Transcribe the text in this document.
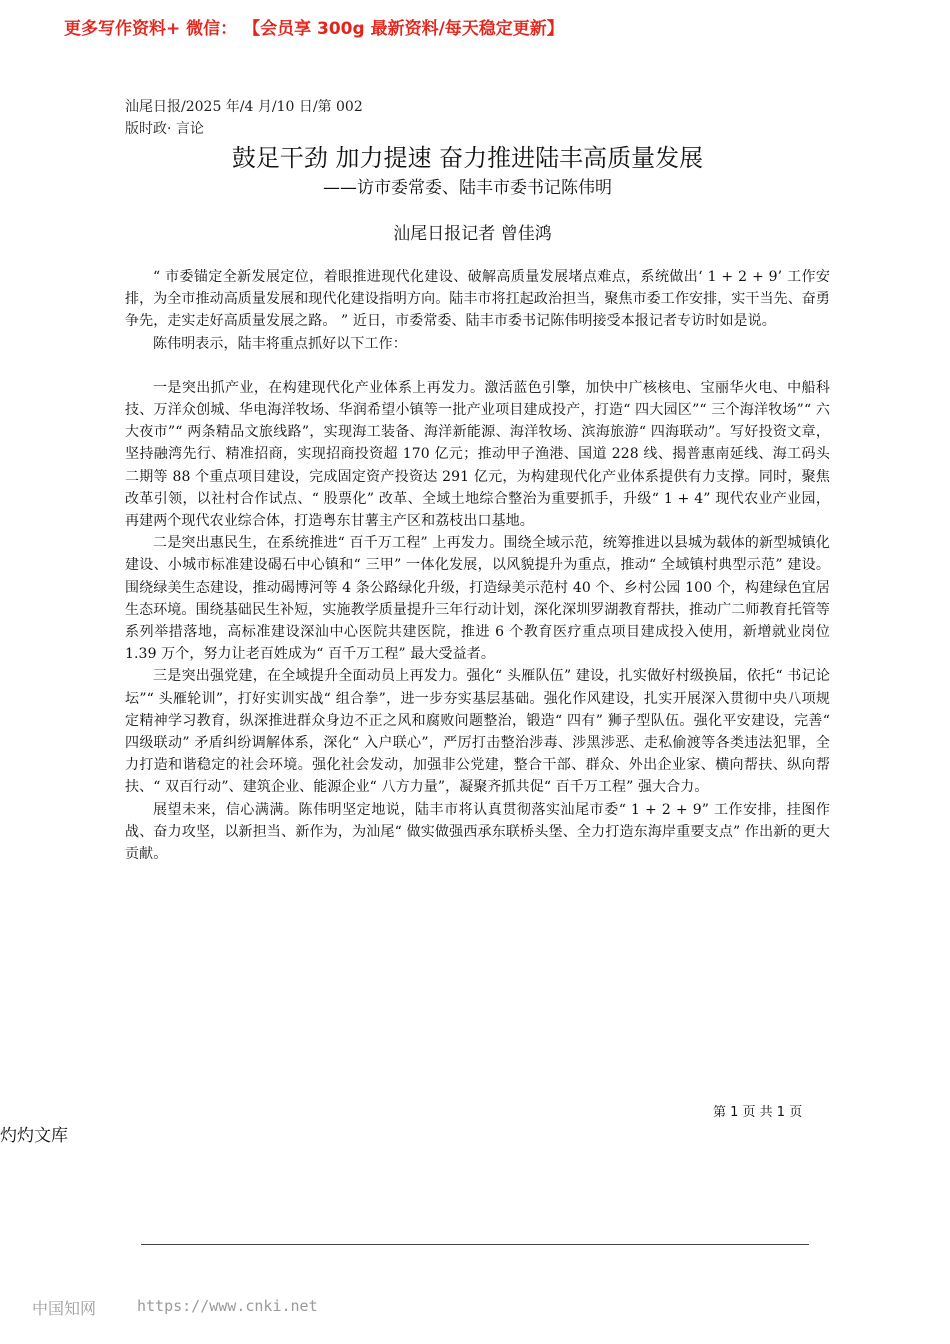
更多写作资料+ 微信： 【会员享 300g 最新资料/每天稳定更新】
汕尾日报/2025 年/4 月/10 日/第 002
版时政· 言论
鼓足干劲 加力提速 奋力推进陆丰高质量发展
——访市委常委、陆丰市委书记陈伟明
汕尾日报记者 曾佳鸿

“ 市委锚定全新发展定位，着眼推进现代化建设、破解高质量发展堵点难点，系统做出‘ 1 + 2 + 9’ 工作安排，为全市推动高质量发展和现代化建设指明方向。陆丰市将扛起政治担当，聚焦市委工作安排，实干当先、奋勇争先，走实走好高质量发展之路。 ” 近日，市委常委、陆丰市委书记陈伟明接受本报记者专访时如是说。

陈伟明表示，陆丰将重点抓好以下工作：

一是突出抓产业，在构建现代化产业体系上再发力。激活蓝色引擎，加快中广核核电、宝丽华火电、中船科技、万洋众创城、华电海洋牧场、华润希望小镇等一批产业项目建成投产，打造“ 四大园区”“ 三个海洋牧场”“ 六大夜市”“ 两条精品文旅线路”，实现海工装备、海洋新能源、海洋牧场、滨海旅游“ 四海联动”。写好投资文章，坚持融湾先行、精准招商，实现招商投资超 170 亿元；推动甲子渔港、国道 228 线、揭普惠南延线、海工码头二期等 88 个重点项目建设，完成固定资产投资达 291 亿元，为构建现代化产业体系提供有力支撑。同时，聚焦改革引领，以社村合作试点、“ 股票化” 改革、全域土地综合整治为重要抓手，升级“ 1 + 4” 现代农业产业园，再建两个现代农业综合体，打造粤东甘薯主产区和荔枝出口基地。

二是突出惠民生，在系统推进“ 百千万工程” 上再发力。围绕全域示范，统筹推进以县城为载体的新型城镇化建设、小城市标准建设碣石中心镇和“ 三甲” 一体化发展，以风貌提升为重点，推动“ 全域镇村典型示范” 建设。围绕绿美生态建设，推动碣博河等 4 条公路绿化升级，打造绿美示范村 40 个、乡村公园 100 个，构建绿色宜居生态环境。围绕基础民生补短，实施教学质量提升三年行动计划，深化深圳罗湖教育帮扶，推动广二师教育托管等系列举措落地，高标准建设深汕中心医院共建医院，推进 6 个教育医疗重点项目建成投入使用，新增就业岗位 1.39 万个，努力让老百姓成为“ 百千万工程” 最大受益者。

三是突出强党建，在全域提升全面动员上再发力。强化“ 头雁队伍” 建设，扎实做好村级换届，依托“ 书记论坛”“ 头雁轮训”，打好实训实战“ 组合拳”，进一步夯实基层基础。强化作风建设，扎实开展深入贯彻中央八项规定精神学习教育，纵深推进群众身边不正之风和腐败问题整治，锻造“ 四有” 狮子型队伍。强化平安建设，完善“ 四级联动” 矛盾纠纷调解体系，深化“ 入户联心”，严厉打击整治涉毒、涉黑涉恶、走私偷渡等各类违法犯罪，全力打造和谐稳定的社会环境。强化社会发动，加强非公党建，整合干部、群众、外出企业家、横向帮扶、纵向帮扶、“ 双百行动”、建筑企业、能源企业“ 八方力量”，凝聚齐抓共促“ 百千万工程” 强大合力。

展望未来，信心满满。陈伟明坚定地说，陆丰市将认真贯彻落实汕尾市委“ 1 + 2 + 9” 工作安排，挂图作战、奋力攻坚，以新担当、新作为，为汕尾“ 做实做强西承东联桥头堡、全力打造东海岸重要支点” 作出新的更大贡献。

第 1 页 共 1 页
灼灼文库
中国知网	https://www.cnki.net
